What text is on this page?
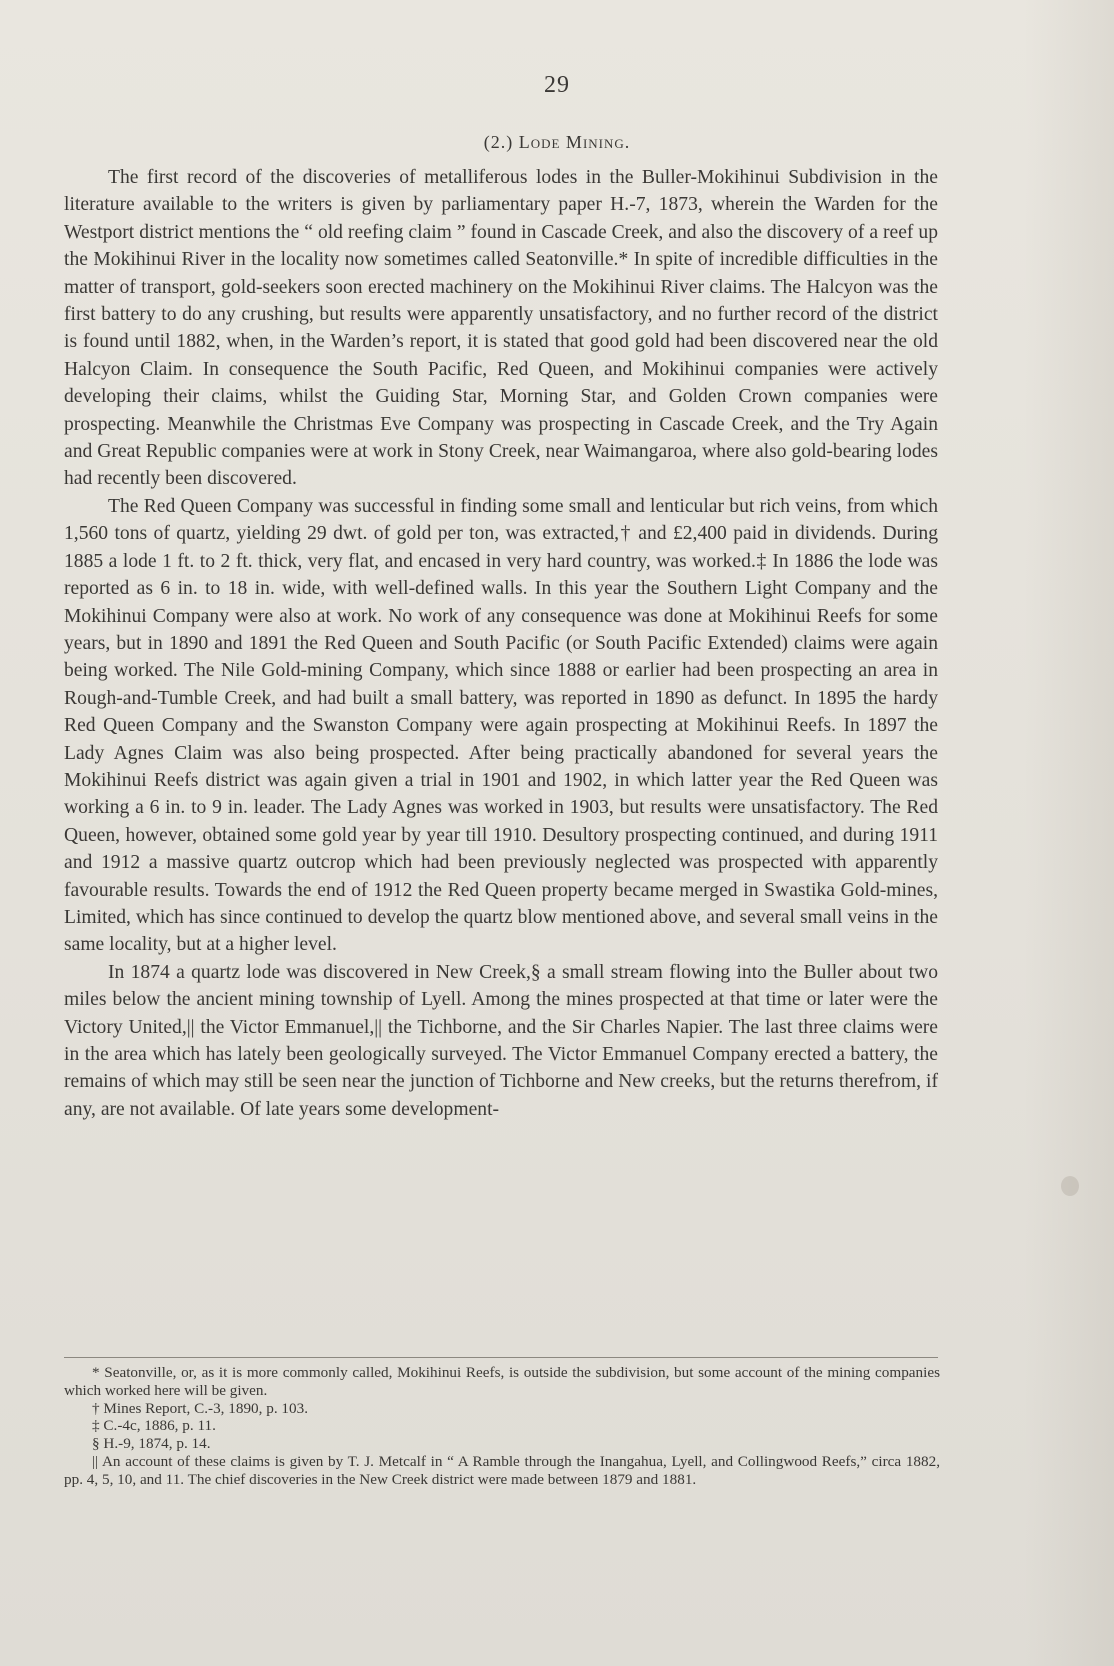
29
(2.) Lode Mining.

The first record of the discoveries of metalliferous lodes in the Buller-Mokihinui Subdivision in the literature available to the writers is given by parliamentary paper H.-7, 1873, wherein the Warden for the Westport district mentions the “ old reefing claim ” found in Cascade Creek, and also the discovery of a reef up the Mokihinui River in the locality now sometimes called Seatonville.* In spite of incredible difficulties in the matter of transport, gold-seekers soon erected machinery on the Mokihinui River claims. The Halcyon was the first battery to do any crushing, but results were apparently unsatisfactory, and no further record of the district is found until 1882, when, in the Warden’s report, it is stated that good gold had been discovered near the old Halcyon Claim. In consequence the South Pacific, Red Queen, and Mokihinui companies were actively developing their claims, whilst the Guiding Star, Morning Star, and Golden Crown companies were prospecting. Meanwhile the Christmas Eve Company was prospecting in Cascade Creek, and the Try Again and Great Republic companies were at work in Stony Creek, near Waimangaroa, where also gold-bearing lodes had recently been discovered.

The Red Queen Company was successful in finding some small and lenticular but rich veins, from which 1,560 tons of quartz, yielding 29 dwt. of gold per ton, was extracted,† and £2,400 paid in dividends. During 1885 a lode 1 ft. to 2 ft. thick, very flat, and encased in very hard country, was worked.‡ In 1886 the lode was reported as 6 in. to 18 in. wide, with well-defined walls. In this year the Southern Light Company and the Mokihinui Company were also at work. No work of any consequence was done at Mokihinui Reefs for some years, but in 1890 and 1891 the Red Queen and South Pacific (or South Pacific Extended) claims were again being worked. The Nile Gold-mining Company, which since 1888 or earlier had been prospecting an area in Rough-and-Tumble Creek, and had built a small battery, was reported in 1890 as defunct. In 1895 the hardy Red Queen Company and the Swanston Company were again prospecting at Mokihinui Reefs. In 1897 the Lady Agnes Claim was also being prospected. After being practically abandoned for several years the Mokihinui Reefs district was again given a trial in 1901 and 1902, in which latter year the Red Queen was working a 6 in. to 9 in. leader. The Lady Agnes was worked in 1903, but results were unsatisfactory. The Red Queen, however, obtained some gold year by year till 1910. Desultory prospecting continued, and during 1911 and 1912 a massive quartz outcrop which had been previously neglected was prospected with apparently favourable results. Towards the end of 1912 the Red Queen property became merged in Swastika Gold-mines, Limited, which has since continued to develop the quartz blow mentioned above, and several small veins in the same locality, but at a higher level.

In 1874 a quartz lode was discovered in New Creek,§ a small stream flowing into the Buller about two miles below the ancient mining township of Lyell. Among the mines prospected at that time or later were the Victory United,|| the Victor Emmanuel,|| the Tichborne, and the Sir Charles Napier. The last three claims were in the area which has lately been geologically surveyed. The Victor Emmanuel Company erected a battery, the remains of which may still be seen near the junction of Tichborne and New creeks, but the returns therefrom, if any, are not available. Of late years some development-

* Seatonville, or, as it is more commonly called, Mokihinui Reefs, is outside the subdivision, but some account of the mining companies which worked here will be given.

† Mines Report, C.-3, 1890, p. 103.

‡ C.-4c, 1886, p. 11.

§ H.-9, 1874, p. 14.

|| An account of these claims is given by T. J. Metcalf in “ A Ramble through the Inangahua, Lyell, and Collingwood Reefs,” circa 1882, pp. 4, 5, 10, and 11. The chief discoveries in the New Creek district were made between 1879 and 1881.
